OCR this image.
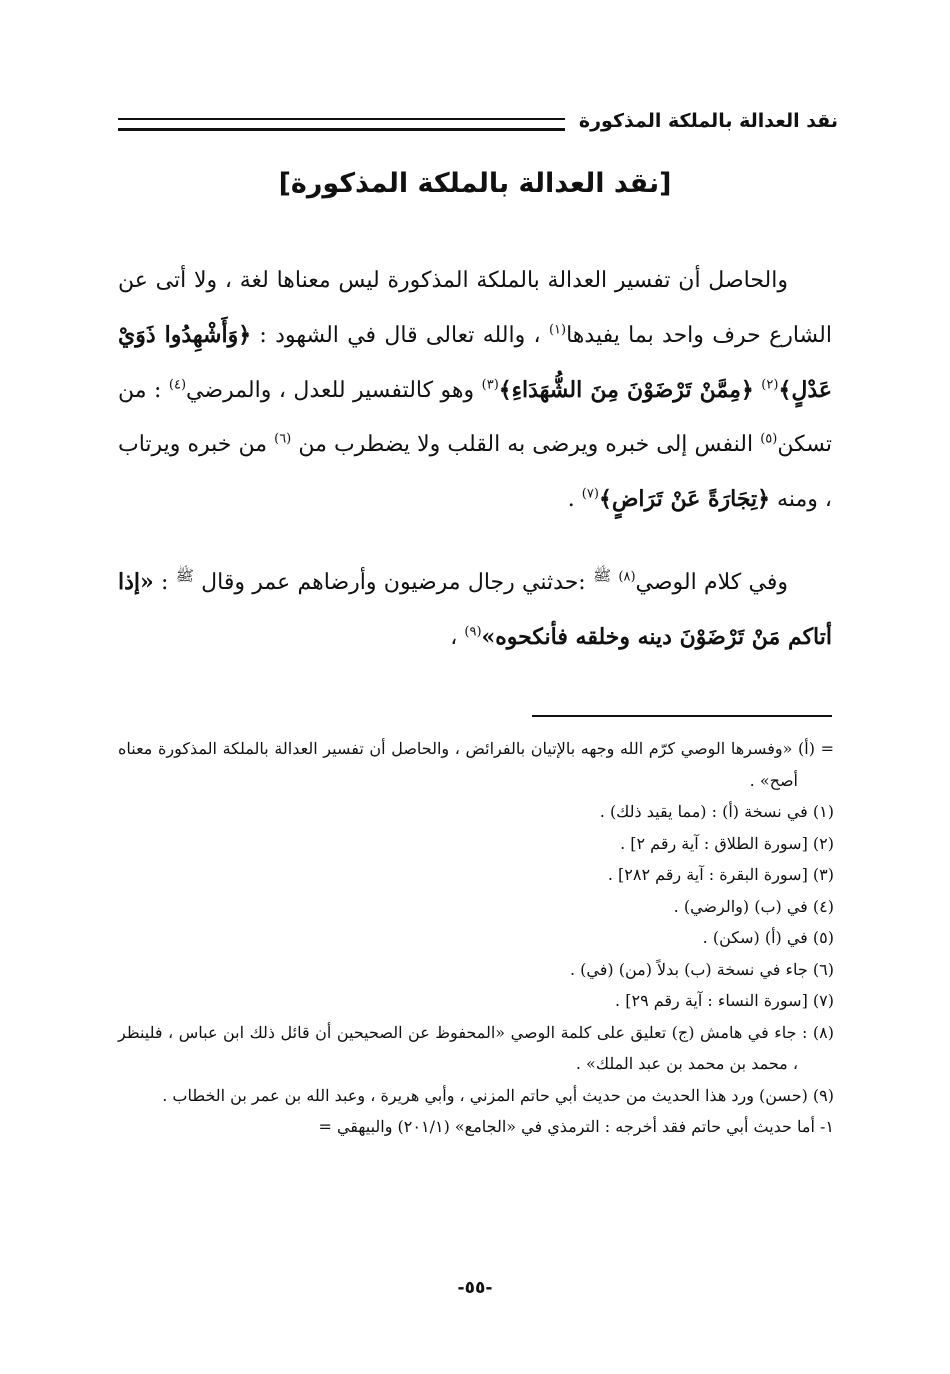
نقد العدالة بالملكة المذكورة
[نقد العدالة بالملكة المذكورة]

والحاصل أن تفسير العدالة بالملكة المذكورة ليس معناها لغة ، ولا أتى عن الشارع حرف واحد بما يفيدها$^{(١)}$ ، والله تعالى قال في الشهود : ﴿وَأَشْهِدُوا ذَوَيْ عَدْلٍ﴾$^{(٢)}$ ﴿مِمَّنْ تَرْضَوْنَ مِنَ الشُّهَدَاءِ﴾$^{(٣)}$ وهو كالتفسير للعدل ، والمرضي$^{(٤)}$ : من تسكن$^{(٥)}$ النفس إلى خبره ويرضى به القلب ولا يضطرب من $^{(٦)}$ من خبره ويرتاب ، ومنه ﴿تِجَارَةً عَنْ تَرَاضٍ﴾$^{(٧)}$ .

وفي كلام الوصي$^{(٨)}$ $^ﷺ$ :حدثني رجال مرضيون وأرضاهم عمر وقال $^ﷺ$ : «إذا أتاكم مَنْ تَرْضَوْنَ دينه وخلقه فأنكحوه»$^{(٩)}$ ،

= (أ) «وفسرها الوصي كرّم الله وجهه بالإتيان بالفرائض ، والحاصل أن تفسير العدالة بالملكة المذكورة معناه أصح» .

(١) في نسخة (أ) : (مما يقيد ذلك) .

(٢) [سورة الطلاق : آية رقم ٢] .

(٣) [سورة البقرة : آية رقم ٢٨٢] .

(٤) في (ب) (والرضي) .

(٥) في (أ) (سكن) .

(٦) جاء في نسخة (ب) بدلاً (من) (في) .

(٧) [سورة النساء : آية رقم ٢٩] .

(٨) : جاء في هامش (ج) تعليق على كلمة الوصي «المحفوظ عن الصحيحين أن قائل ذلك ابن عباس ، فلينظر ، محمد بن محمد بن عبد الملك» .

(٩) (حسن) ورد هذا الحديث من حديث أبي حاتم المزني ، وأبي هريرة ، وعبد الله بن عمر بن الخطاب .

١- أما حديث أبي حاتم فقد أخرجه : الترمذي في «الجامع» (٢٠١/١) والبيهقي =

-٥٥-
